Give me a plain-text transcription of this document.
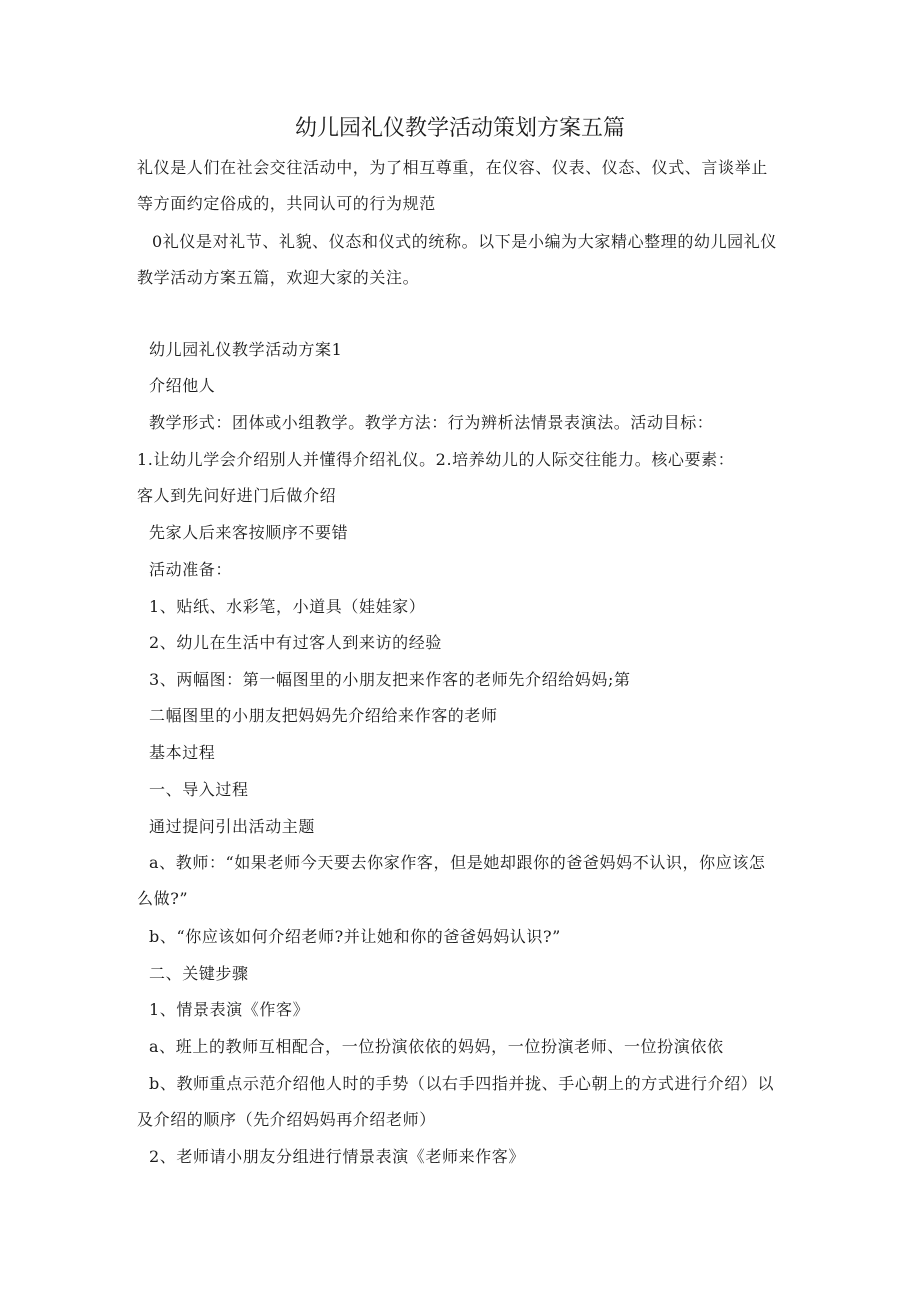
幼儿园礼仪教学活动策划方案五篇
礼仪是人们在社会交往活动中，为了相互尊重，在仪容、仪表、仪态、仪式、言谈举止
等方面约定俗成的，共同认可的行为规范
0礼仪是对礼节、礼貌、仪态和仪式的统称。以下是小编为大家精心整理的幼儿园礼仪
教学活动方案五篇，欢迎大家的关注。
幼儿园礼仪教学活动方案1
介绍他人
教学形式：团体或小组教学。教学方法：行为辨析法情景表演法。活动目标：
1.让幼儿学会介绍别人并懂得介绍礼仪。2.培养幼儿的人际交往能力。核心要素：
客人到先问好进门后做介绍
先家人后来客按顺序不要错
活动准备：
1、贴纸、水彩笔，小道具（娃娃家）
2、幼儿在生活中有过客人到来访的经验
3、两幅图：第一幅图里的小朋友把来作客的老师先介绍给妈妈;第
二幅图里的小朋友把妈妈先介绍给来作客的老师
基本过程
一、导入过程
通过提问引出活动主题
a、教师：“如果老师今天要去你家作客，但是她却跟你的爸爸妈妈不认识，你应该怎
么做?”
b、“你应该如何介绍老师?并让她和你的爸爸妈妈认识?”
二、关键步骤
1、情景表演《作客》
a、班上的教师互相配合，一位扮演依依的妈妈，一位扮演老师、一位扮演依依
b、教师重点示范介绍他人时的手势（以右手四指并拢、手心朝上的方式进行介绍）以
及介绍的顺序（先介绍妈妈再介绍老师）
2、老师请小朋友分组进行情景表演《老师来作客》
